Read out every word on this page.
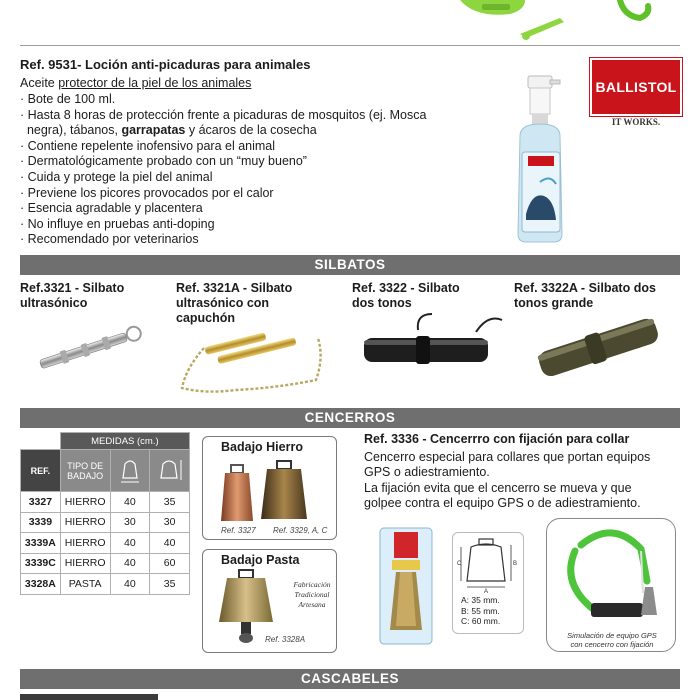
Ref. 9531- Loción anti-picaduras para animales
Aceite protector de la piel de los animales
· Bote de 100 ml.
· Hasta 8 horas de protección frente a picaduras de mosquitos (ej. Mosca
negra), tábanos, garrapatas y ácaros de la cosecha
· Contiene repelente inofensivo para el animal
· Dermatológicamente probado con un “muy bueno”
· Cuida y protege la piel del animal
· Previene los picores provocados por el calor
· Esencia agradable y placentera
· No influye en pruebas anti-doping
· Recomendado por veterinarios
BALLISTOL
IT WORKS.
SILBATOS
Ref.3321 - Silbato
ultrasónico
Ref. 3321A - Silbato
ultrasónico con
capuchón
Ref. 3322 - Silbato
dos tonos
Ref. 3322A - Silbato dos
tonos grande
CENCERROS
	MEDIDAS (cm.)		
REF.	TIPO DE
BADAJO		
3327	HIERRO	40	35
3339	HIERRO	30	30
3339A	HIERRO	40	40
3339C	HIERRO	40	60
3328A	PASTA	40	35
Badajo Hierro
Ref. 3327 Ref. 3329, A, C
Badajo Pasta
Fabricación
Tradicional
Artesana
Ref. 3328A
Ref. 3336 - Cencerrro con fijación para collar
Cencerro especial para collares que portan equipos
GPS o adiestramiento.
La fijación evita que el cencerro se mueva y que
golpee contra el equipo GPS o de adiestramiento.
A
B
C
A: 35 mm.
B: 55 mm.
C: 60 mm.
Simulación de equipo GPS
con cencerro con fijación
CASCABELES
